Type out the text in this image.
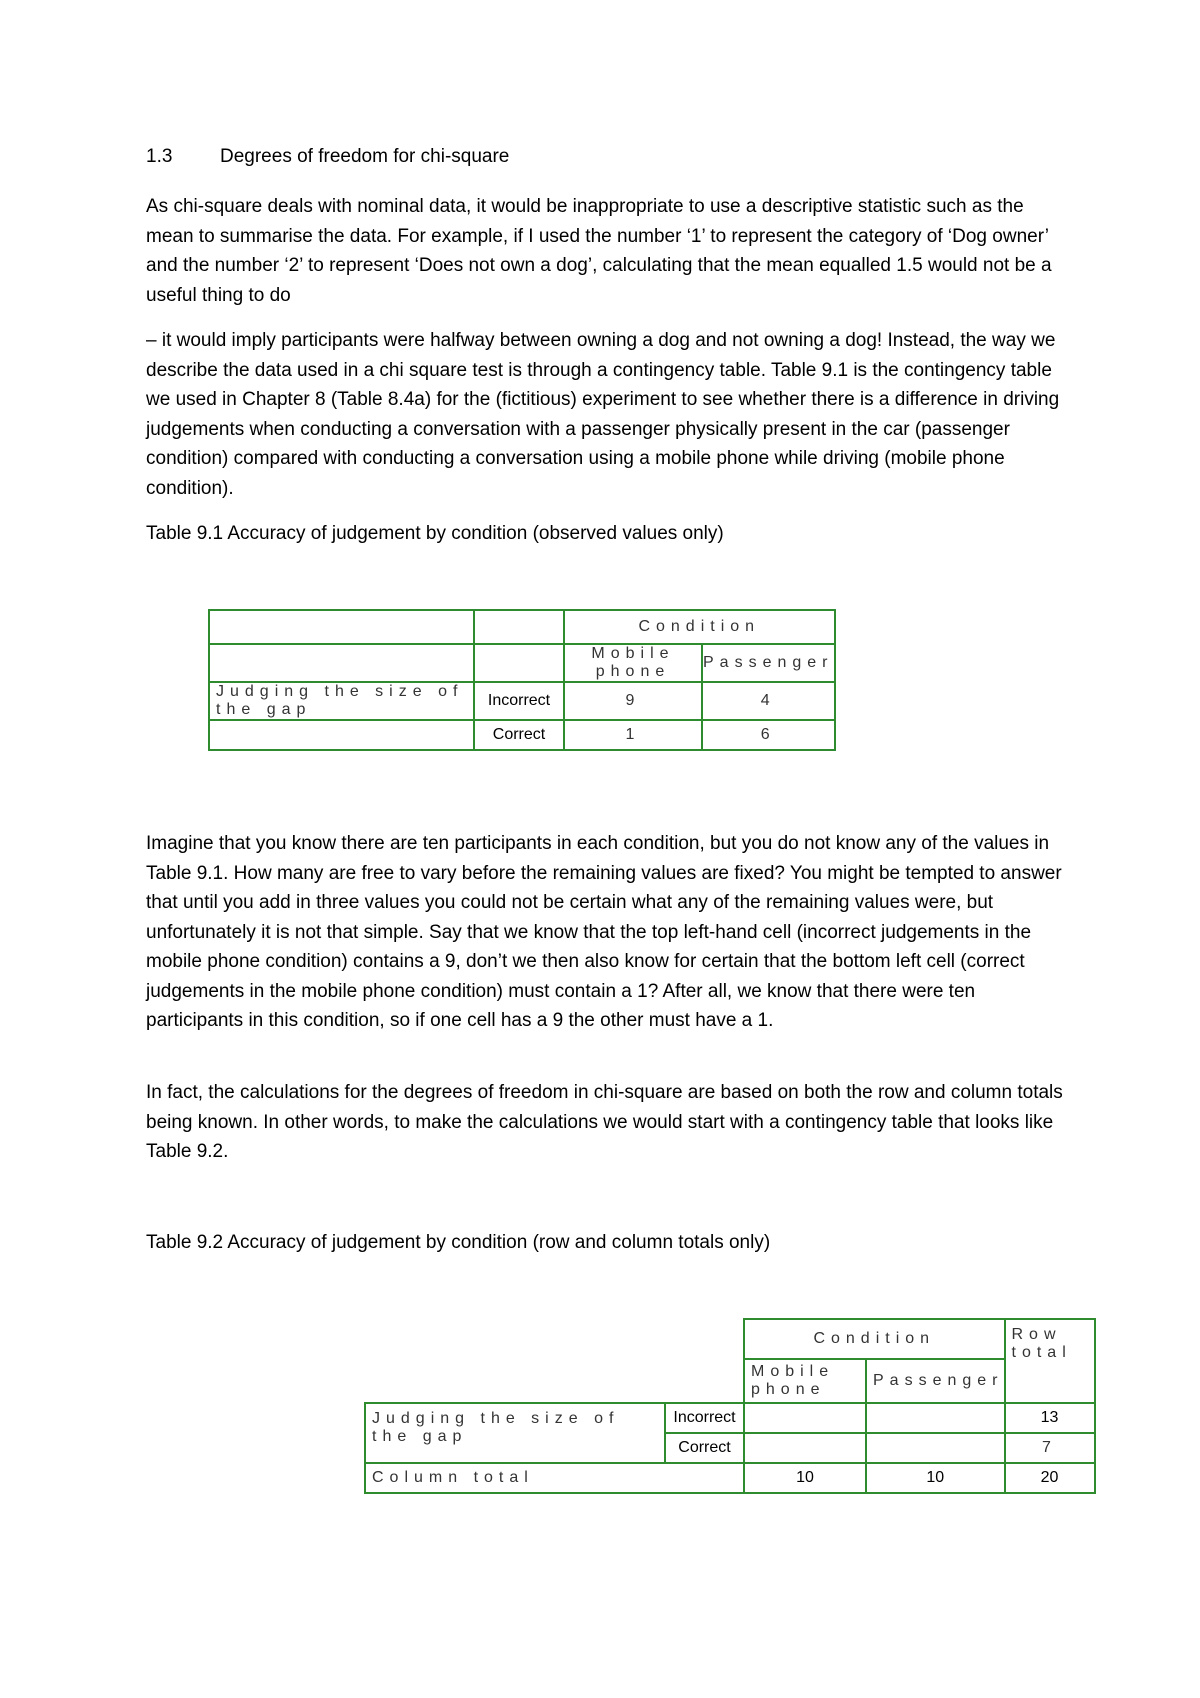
1.3	Degrees of freedom for chi-square

As chi-square deals with nominal data, it would be inappropriate to use a descriptive statistic such as the mean to summarise the data. For example, if I used the number ‘1’ to represent the category of ‘Dog owner’ and the number ‘2’ to represent ‘Does not own a dog’, calculating that the mean equalled 1.5 would not be a useful thing to do

– it would imply participants were halfway between owning a dog and not owning a dog! Instead, the way we describe the data used in a chi square test is through a contingency table. Table 9.1 is the contingency table we used in Chapter 8 (Table 8.4a) for the (fictitious) experiment to see whether there is a difference in driving judgements when conducting a conversation with a passenger physically present in the car (passenger condition) compared with conducting a conversation using a mobile phone while driving (mobile phone condition).

Table 9.1 Accuracy of judgement by condition (observed values only)
		Condition	
		Mobile phone	Passenger
Judging the size of the gap	Incorrect	9	4
	Correct	1	6

Imagine that you know there are ten participants in each condition, but you do not know any of the values in Table 9.1. How many are free to vary before the remaining values are fixed? You might be tempted to answer that until you add in three values you could not be certain what any of the remaining values were, but unfortunately it is not that simple. Say that we know that the top left-hand cell (incorrect judgements in the mobile phone condition) contains a 9, don’t we then also know for certain that the bottom left cell (correct judgements in the mobile phone condition) must contain a 1? After all, we know that there were ten participants in this condition, so if one cell has a 9 the other must have a 1.

In fact, the calculations for the degrees of freedom in chi-square are based on both the row and column totals being known. In other words, to make the calculations we would start with a contingency table that looks like Table 9.2.

Table 9.2 Accuracy of judgement by condition (row and column totals only)
		Condition		Row total
		Mobile phone	Passenger	
Judging the size of the gap	Incorrect			13
	Correct			7
Column total		10	10	20
